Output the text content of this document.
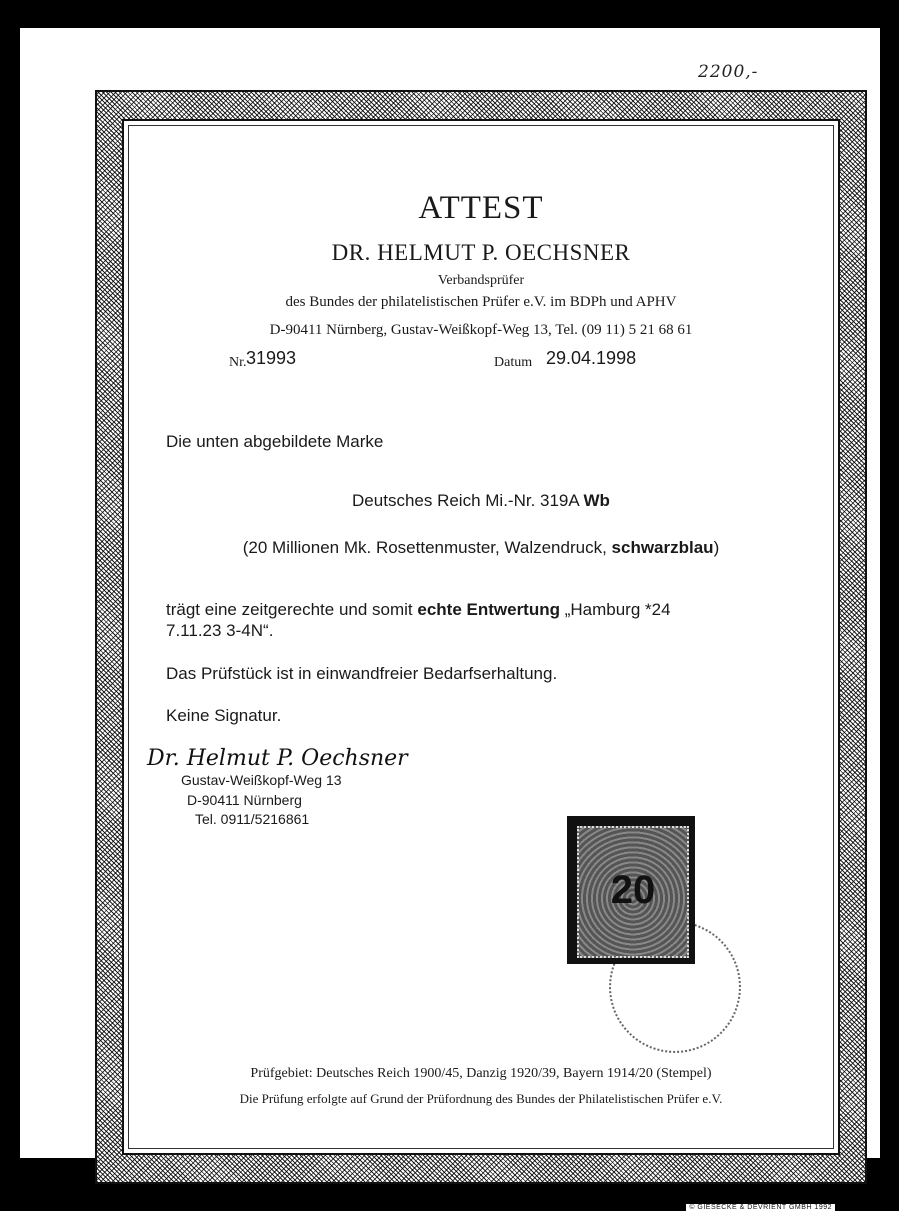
2200,-
ATTEST
DR. HELMUT P. OECHSNER
Verbandsprüfer
des Bundes der philatelistischen Prüfer e.V. im BDPh und APHV
D-90411 Nürnberg, Gustav-Weißkopf-Weg 13, Tel. (09 11) 5 21 68 61
Nr. 31993	Datum 29.04.1998
Die unten abgebildete Marke
Deutsches Reich Mi.-Nr. 319A Wb
(20 Millionen Mk. Rosettenmuster, Walzendruck, schwarzblau)
trägt eine zeitgerechte und somit echte Entwertung „Hamburg *24
7.11.23 3-4N“.
Das Prüfstück ist in einwandfreier Bedarfserhaltung.
Keine Signatur.
Dr. Helmut P. Oechsner
Gustav-Weißkopf-Weg 13
D-90411 Nürnberg
Tel. 0911/5216861
20
Prüfgebiet: Deutsches Reich 1900/45, Danzig 1920/39, Bayern 1914/20 (Stempel)
Die Prüfung erfolgte auf Grund der Prüfordnung des Bundes der Philatelistischen Prüfer e.V.
© GIESECKE & DEVRIENT GMBH 1992
